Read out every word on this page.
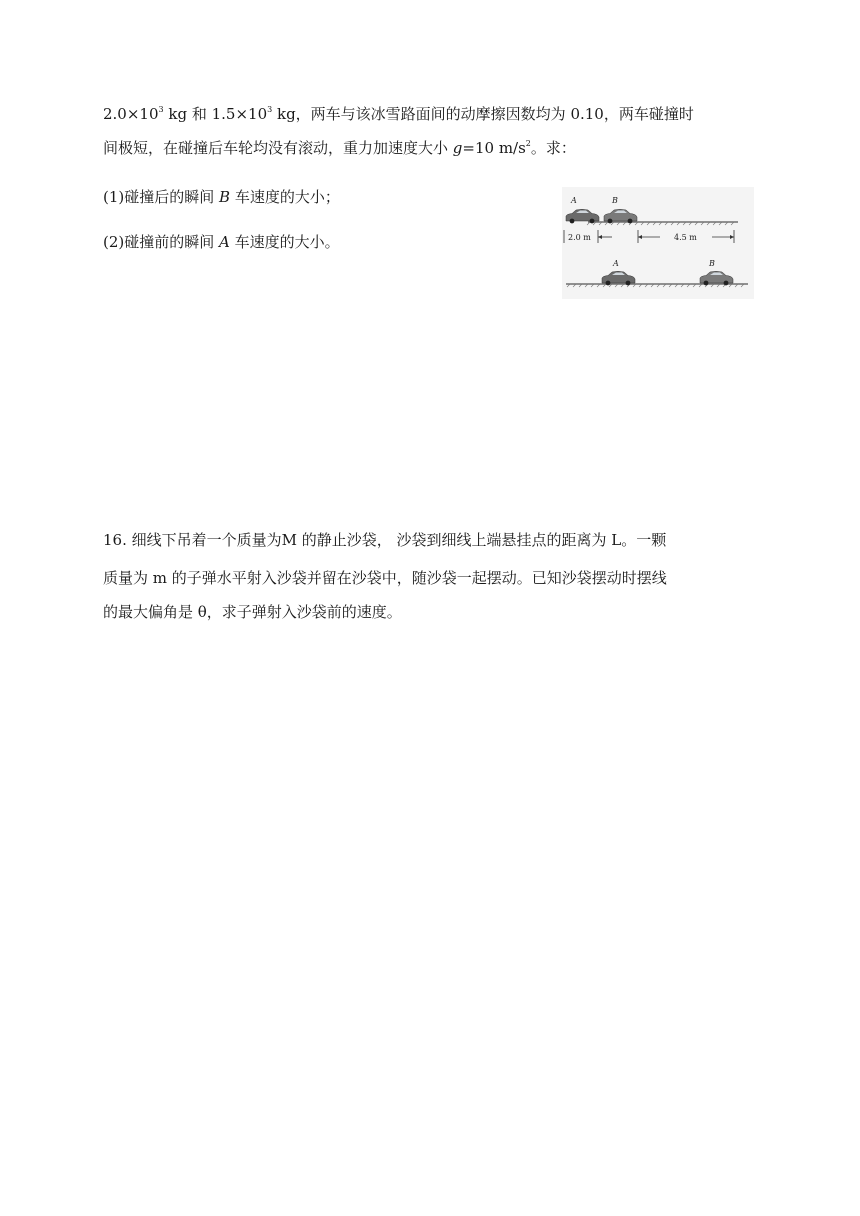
$2.0\times 10^3$ kg 和 $1.5\times 10^3$ kg，两车与该冰雪路面间的动摩擦因数均为 0.10，两车碰撞时
间极短，在碰撞后车轮均没有滚动，重力加速度大小 g=10 $m/s^2$。求：
(1)碰撞后的瞬间 B 车速度的大小；
(2)碰撞前的瞬间 A 车速度的大小。
A	B
2.0 m	4.5 m
A	B
16. 细线下吊着一个质量为M 的静止沙袋， 沙袋到细线上端悬挂点的距离为 L。一颗
质量为 m 的子弹水平射入沙袋并留在沙袋中，随沙袋一起摆动。已知沙袋摆动时摆线
的最大偏角是 θ，求子弹射入沙袋前的速度。
